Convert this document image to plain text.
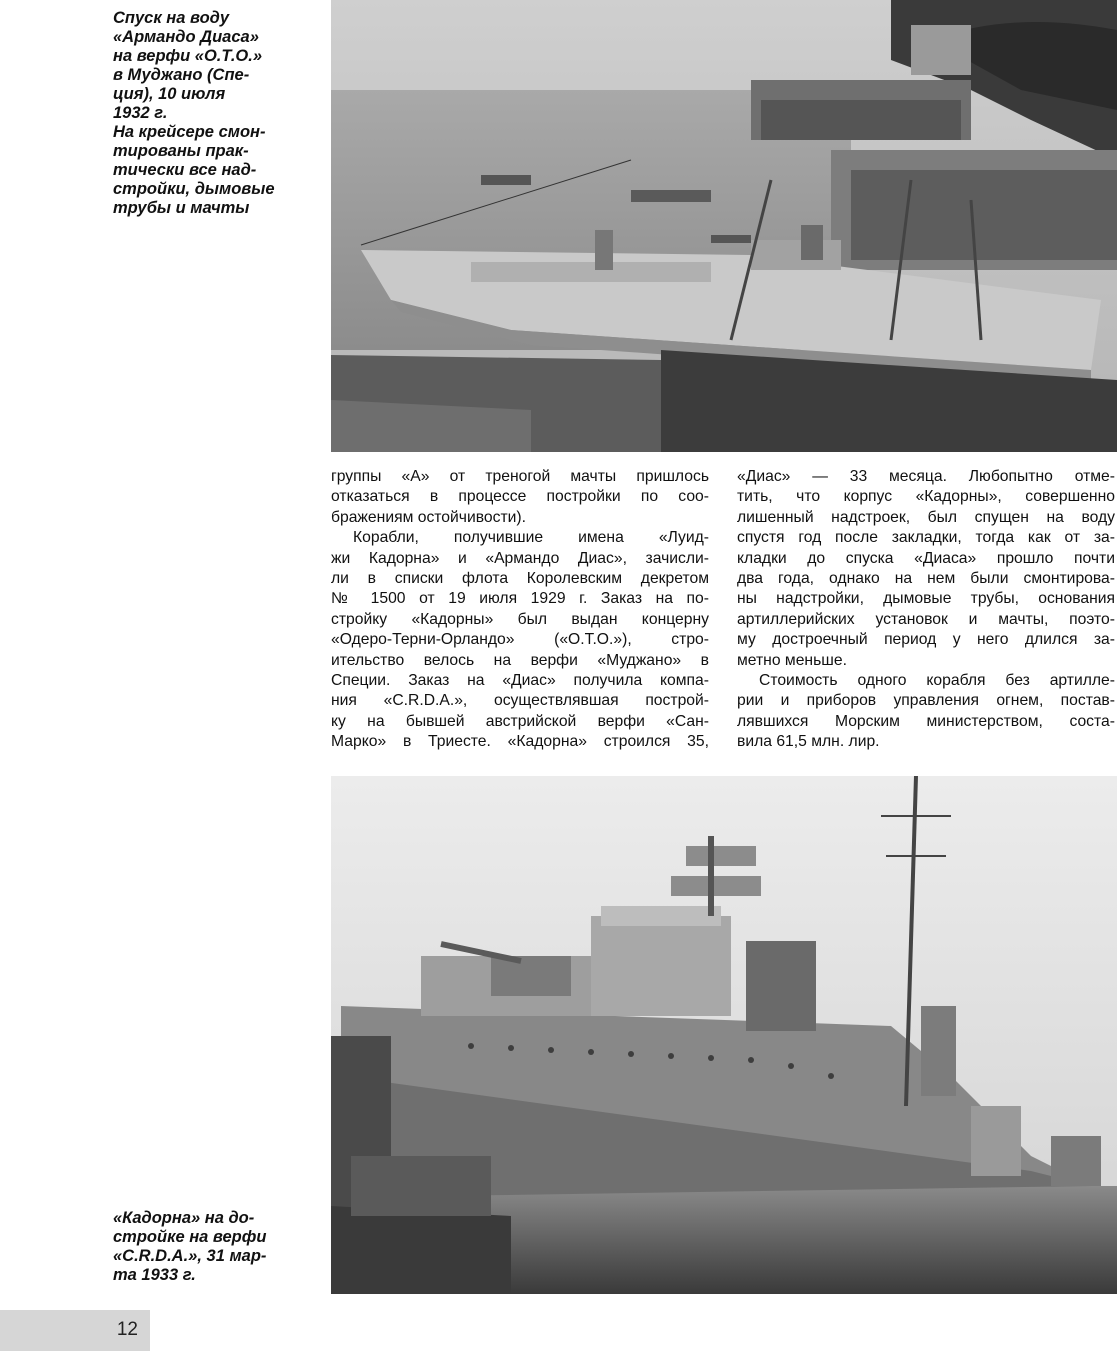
Спуск на воду
«Армандо Диаса»
на верфи «О.Т.О.»
в Муджано (Спе-
ция), 10 июля
1932 г.
На крейсере смон-
тированы прак-
тически все над-
стройки, дымовые
трубы и мачты
группы «А» от треногой мачты пришлось
отказаться в процессе постройки по соо-
бражениям остойчивости).
Корабли, получившие имена «Луид-
жи Кадорна» и «Армандо Диас», зачисли-
ли в списки флота Королевским декретом
№ 1500 от 19 июля 1929 г. Заказ на по-
стройку «Кадорны» был выдан концерну
«Одеро-Терни-Орландо» («О.Т.О.»), стро-
ительство велось на верфи «Муджано» в
Специи. Заказ на «Диас» получила компа-
ния «C.R.D.A.», осуществлявшая построй-
ку на бывшей австрийской верфи «Сан-
Марко» в Триесте. «Кадорна» строился 35,
«Диас» — 33 месяца. Любопытно отме-
тить, что корпус «Кадорны», совершенно
лишенный надстроек, был спущен на воду
спустя год после закладки, тогда как от за-
кладки до спуска «Диаса» прошло почти
два года, однако на нем были смонтирова-
ны надстройки, дымовые трубы, основания
артиллерийских установок и мачты, поэто-
му достроечный период у него длился за-
метно меньше.
Стоимость одного корабля без артилле-
рии и приборов управления огнем, постав-
лявшихся Морским министерством, соста-
вила 61,5 млн. лир.
«Кадорна» на до-
стройке на верфи
«C.R.D.A.», 31 мар-
та 1933 г.
12
